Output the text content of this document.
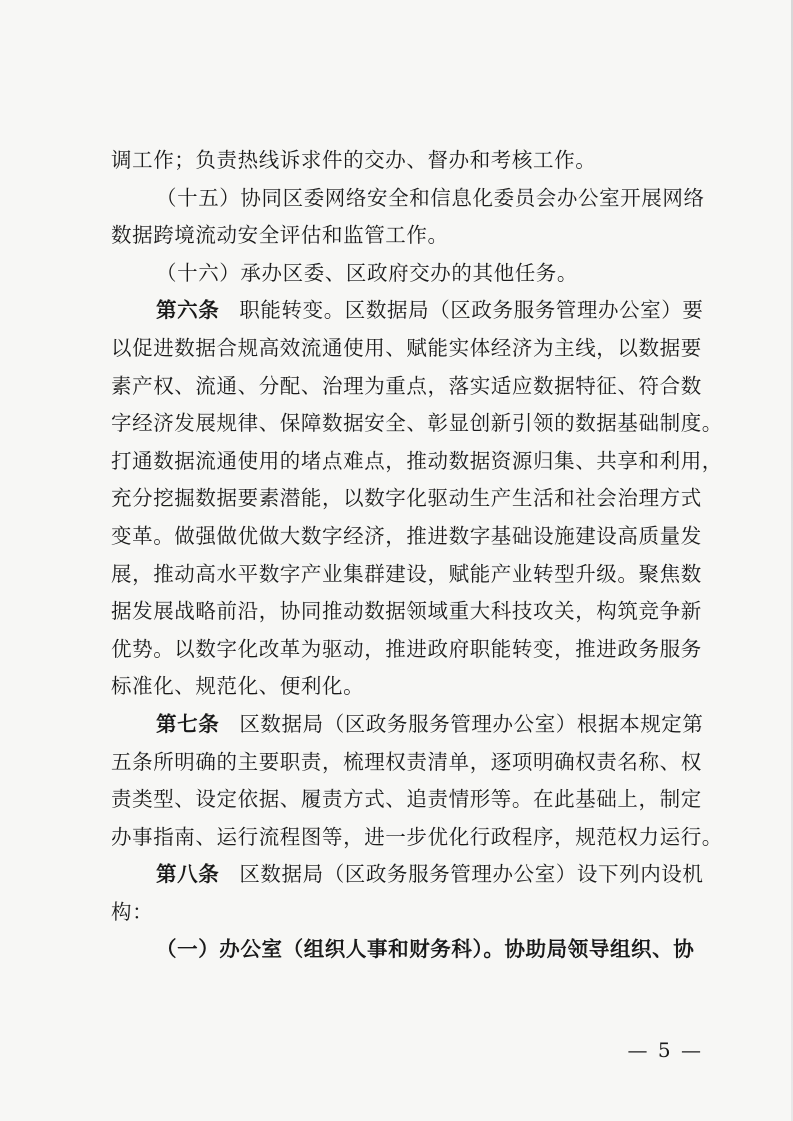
调工作；负责热线诉求件的交办、督办和考核工作。
（十五）协同区委网络安全和信息化委员会办公室开展网络
数据跨境流动安全评估和监管工作。
（十六）承办区委、区政府交办的其他任务。
第六条 职能转变。区数据局（区政务服务管理办公室）要
以促进数据合规高效流通使用、赋能实体经济为主线，以数据要
素产权、流通、分配、治理为重点，落实适应数据特征、符合数
字经济发展规律、保障数据安全、彰显创新引领的数据基础制度。
打通数据流通使用的堵点难点，推动数据资源归集、共享和利用，
充分挖掘数据要素潜能，以数字化驱动生产生活和社会治理方式
变革。做强做优做大数字经济，推进数字基础设施建设高质量发
展，推动高水平数字产业集群建设，赋能产业转型升级。聚焦数
据发展战略前沿，协同推动数据领域重大科技攻关，构筑竞争新
优势。以数字化改革为驱动，推进政府职能转变，推进政务服务
标准化、规范化、便利化。
第七条 区数据局（区政务服务管理办公室）根据本规定第
五条所明确的主要职责，梳理权责清单，逐项明确权责名称、权
责类型、设定依据、履责方式、追责情形等。在此基础上，制定
办事指南、运行流程图等，进一步优化行政程序，规范权力运行。
第八条 区数据局（区政务服务管理办公室）设下列内设机
构：
（一）办公室（组织人事和财务科）。协助局领导组织、协
— 5 —
